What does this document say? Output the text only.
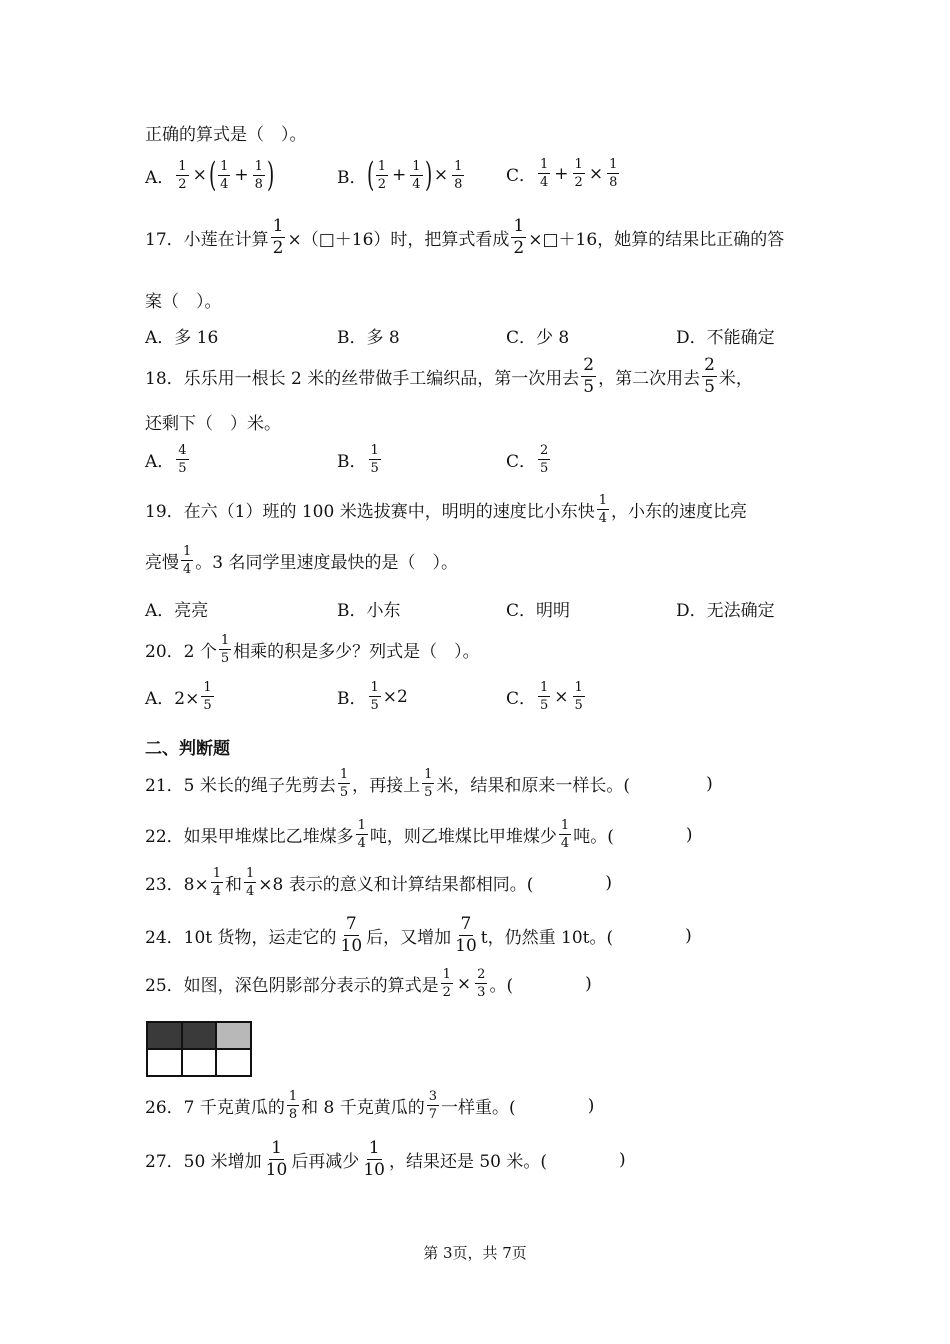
正确的算式是（　）。
A． $\frac{1}{2}$ × ( $\frac{1}{4} + \frac{1}{8}$ )	B． ( $\frac{1}{2} + \frac{1}{4}$ ) × $\frac{1}{8}$ C． $\frac{1}{4} + \frac{1}{2} \times \frac{1}{8}$
17．小莲在计算 $\frac{1}{2}$ ×（□＋16）时，把算式看成 $\frac{1}{2}$ ×□＋16，她算的结果比正确的答
案（　）。
A．多 16	B．多 8	C．少 8	D．不能确定
18．乐乐用一根长 2 米的丝带做手工编织品，第一次用去 $\frac{2}{5}$ ，第二次用去 $\frac{2}{5}$ 米，
还剩下（　）米。
A． $\frac{4}{5}$	B． $\frac{1}{5}$	C． $\frac{2}{5}$
19．在六（1）班的 100 米选拔赛中，明明的速度比小东快 $\frac{1}{4}$ ，小东的速度比亮
亮慢 $\frac{1}{4}$ 。3 名同学里速度最快的是（　）。
A．亮亮	B．小东	C．明明	D．无法确定
20．2 个 $\frac{1}{5}$ 相乘的积是多少？列式是（　）。
A．$2\times \frac{1}{5}$	B． $\frac{1}{5} \times 2$	C． $\frac{1}{5} \times \frac{1}{5}$
二、判断题
21．5 米长的绳子先剪去 $\frac{1}{5}$ ，再接上 $\frac{1}{5}$ 米，结果和原来一样长。(	)
22．如果甲堆煤比乙堆煤多 $\frac{1}{4}$ 吨，则乙堆煤比甲堆煤少 $\frac{1}{4}$ 吨。(	)
23．$8\times \frac{1}{4}$ 和 $\frac{1}{4} \times 8$ 表示的意义和计算结果都相同。(	)
24．10t 货物，运走它的 $\frac{7}{10}$ 后，又增加 $\frac{7}{10}$ t，仍然重 10t。(	)
25．如图，深色阴影部分表示的算式是 $\frac{1}{2} \times \frac{2}{3}$ 。(	)
26．7 千克黄瓜的 $\frac{1}{8}$ 和 8 千克黄瓜的 $\frac{3}{7}$ 一样重。(	)
27．50 米增加 $\frac{1}{10}$ 后再减少 $\frac{1}{10}$ ，结果还是 50 米。(	)
第 3页，共 7页
